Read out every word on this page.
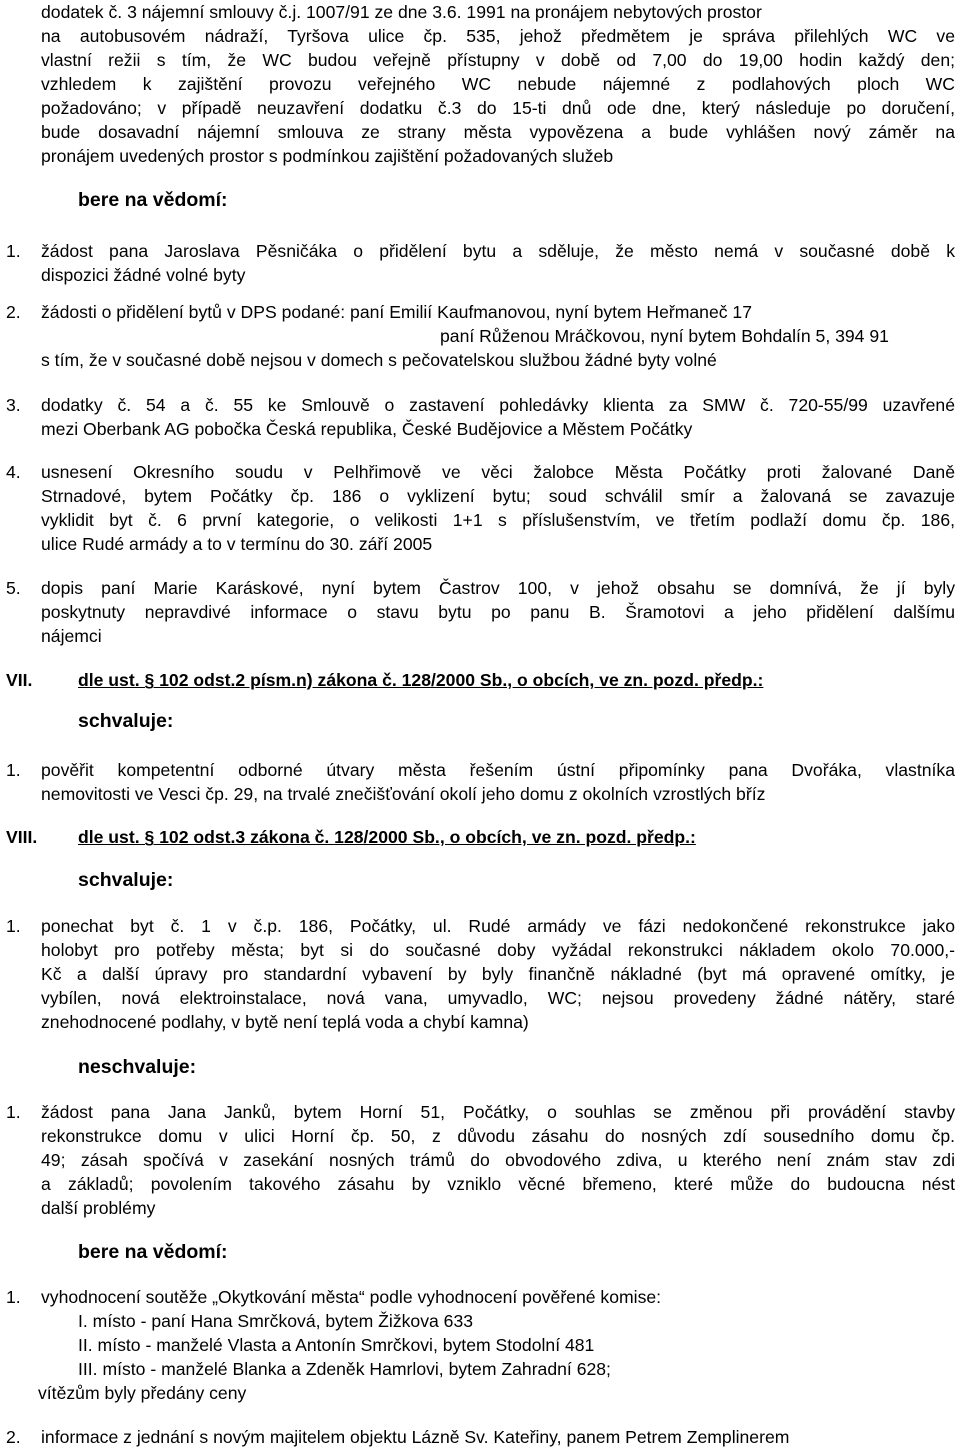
dodatek č. 3 nájemní smlouvy č.j. 1007/91 ze dne 3.6. 1991 na pronájem nebytových prostor
na autobusovém nádraží, Tyršova ulice čp. 535, jehož předmětem je správa přilehlých WC ve
vlastní režii s tím, že WC budou veřejně přístupny v době od 7,00 do 19,00 hodin každý den;
vzhledem k zajištění provozu veřejného WC nebude nájemné z podlahových ploch WC
požadováno; v případě neuzavření dodatku č.3 do 15-ti dnů ode dne, který následuje po doručení,
bude dosavadní nájemní smlouva ze strany města vypovězena a bude vyhlášen nový záměr na
pronájem uvedených prostor s podmínkou zajištění požadovaných služeb
bere na vědomí:
1. žádost pana Jaroslava Pěsničáka o přidělení bytu a sděluje, že město nemá v současné době k
dispozici žádné volné byty
2. žádosti o přidělení bytů v DPS podané: paní Emilií Kaufmanovou, nyní bytem Heřmaneč 17
paní Růženou Mráčkovou, nyní bytem Bohdalín 5, 394 91
s tím, že v současné době nejsou v domech s pečovatelskou službou žádné byty volné
3. dodatky č. 54 a č. 55 ke Smlouvě o zastavení pohledávky klienta za SMW č. 720-55/99 uzavřené
mezi Oberbank AG pobočka Česká republika, České Budějovice a Městem Počátky
4. usnesení Okresního soudu v Pelhřimově ve věci žalobce Města Počátky proti žalované Daně
Strnadové, bytem Počátky čp. 186 o vyklizení bytu; soud schválil smír a žalovaná se zavazuje
vyklidit byt č. 6 první kategorie, o velikosti 1+1 s příslušenstvím, ve třetím podlaží domu čp. 186,
ulice Rudé armády a to v termínu do 30. září 2005
5. dopis paní Marie Karáskové, nyní bytem Častrov 100, v jehož obsahu se domnívá, že jí byly
poskytnuty nepravdivé informace o stavu bytu po panu B. Šramotovi a jeho přidělení dalšímu
nájemci
VII.	dle ust. § 102 odst.2 písm.n) zákona č. 128/2000 Sb., o obcích, ve zn. pozd. předp.:
schvaluje:
1. pověřit kompetentní odborné útvary města řešením ústní připomínky pana Dvořáka, vlastníka
nemovitosti ve Vesci čp. 29, na trvalé znečišťování okolí jeho domu z okolních vzrostlých bříz
VIII. dle ust. § 102 odst.3 zákona č. 128/2000 Sb., o obcích, ve zn. pozd. předp.:
schvaluje:
1. ponechat byt č. 1 v č.p. 186, Počátky, ul. Rudé armády ve fázi nedokončené rekonstrukce jako
holobyt pro potřeby města; byt si do současné doby vyžádal rekonstrukci nákladem okolo 70.000,-
Kč a další úpravy pro standardní vybavení by byly finančně nákladné (byt má opravené omítky, je
vybílen, nová elektroinstalace, nová vana, umyvadlo, WC; nejsou provedeny žádné nátěry, staré
znehodnocené podlahy, v bytě není teplá voda a chybí kamna)
neschvaluje:
1. žádost pana Jana Janků, bytem Horní 51, Počátky, o souhlas se změnou při provádění stavby
rekonstrukce domu v ulici Horní čp. 50, z důvodu zásahu do nosných zdí sousedního domu čp.
49; zásah spočívá v zasekání nosných trámů do obvodového zdiva, u kterého není znám stav zdi
a základů; povolením takového zásahu by vzniklo věcné břemeno, které může do budoucna nést
další problémy
bere na vědomí:
1. vyhodnocení soutěže „Okytkování města“ podle vyhodnocení pověřené komise:
I. místo - paní Hana Smrčková, bytem Žižkova 633
II. místo - manželé Vlasta a Antonín Smrčkovi, bytem Stodolní 481
III. místo - manželé Blanka a Zdeněk Hamrlovi, bytem Zahradní 628;
vítězům byly předány ceny
2. informace z jednání s novým majitelem objektu Lázně Sv. Kateřiny, panem Petrem Zemplinerem
